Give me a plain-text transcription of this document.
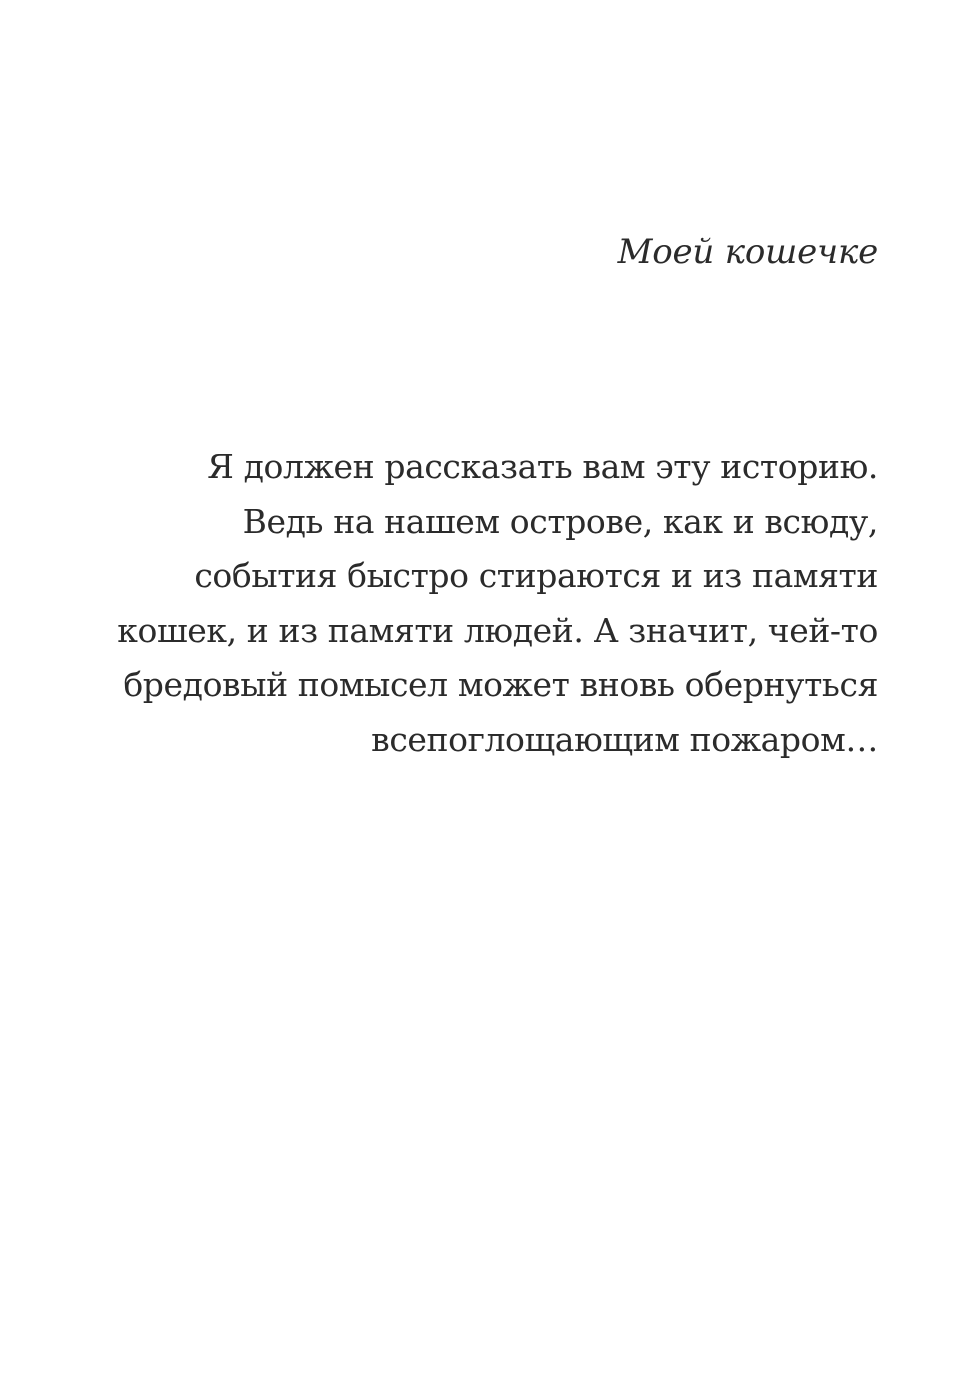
Моей кошечке

Я должен рассказать вам эту историю.
Ведь на нашем острове, как и всюду,
события быстро стираются и из памяти
кошек, и из памяти людей. А значит, чей-то
бредовый помысел может вновь обернуться
всепоглощающим пожаром…
